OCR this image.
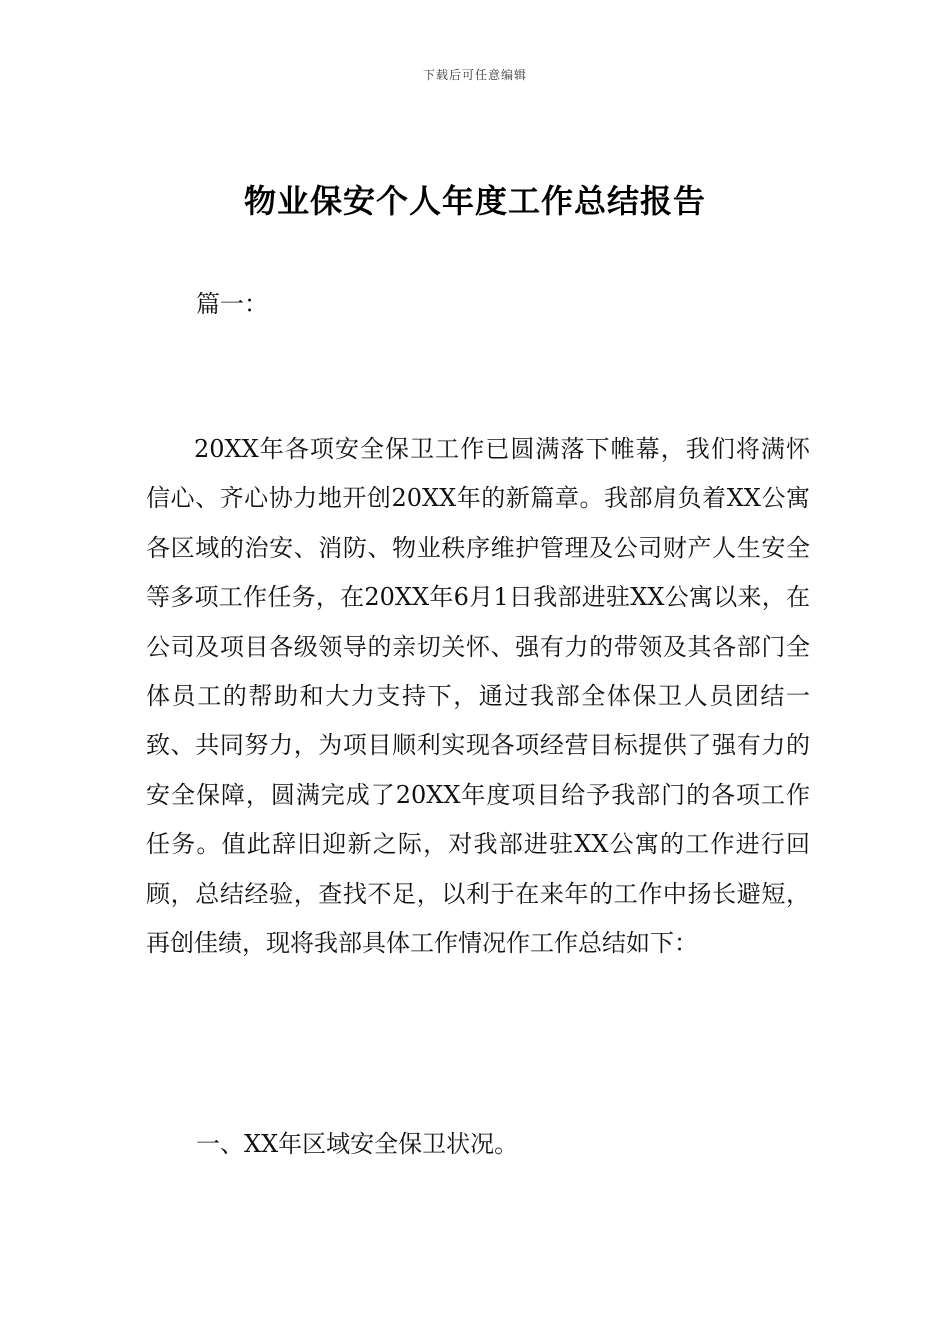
下载后可任意编辑
物业保安个人年度工作总结报告
篇一：

20XX年各项安全保卫工作已圆满落下帷幕，我们将满怀信心、齐心协力地开创20XX年的新篇章。我部肩负着XX公寓各区域的治安、消防、物业秩序维护管理及公司财产人生安全等多项工作任务，在20XX年6月1日我部进驻XX公寓以来，在公司及项目各级领导的亲切关怀、强有力的带领及其各部门全体员工的帮助和大力支持下，通过我部全体保卫人员团结一致、共同努力，为项目顺利实现各项经营目标提供了强有力的安全保障，圆满完成了20XX年度项目给予我部门的各项工作任务。值此辞旧迎新之际，对我部进驻XX公寓的工作进行回顾，总结经验，查找不足，以利于在来年的工作中扬长避短，再创佳绩，现将我部具体工作情况作工作总结如下：

一、XX年区域安全保卫状况。
